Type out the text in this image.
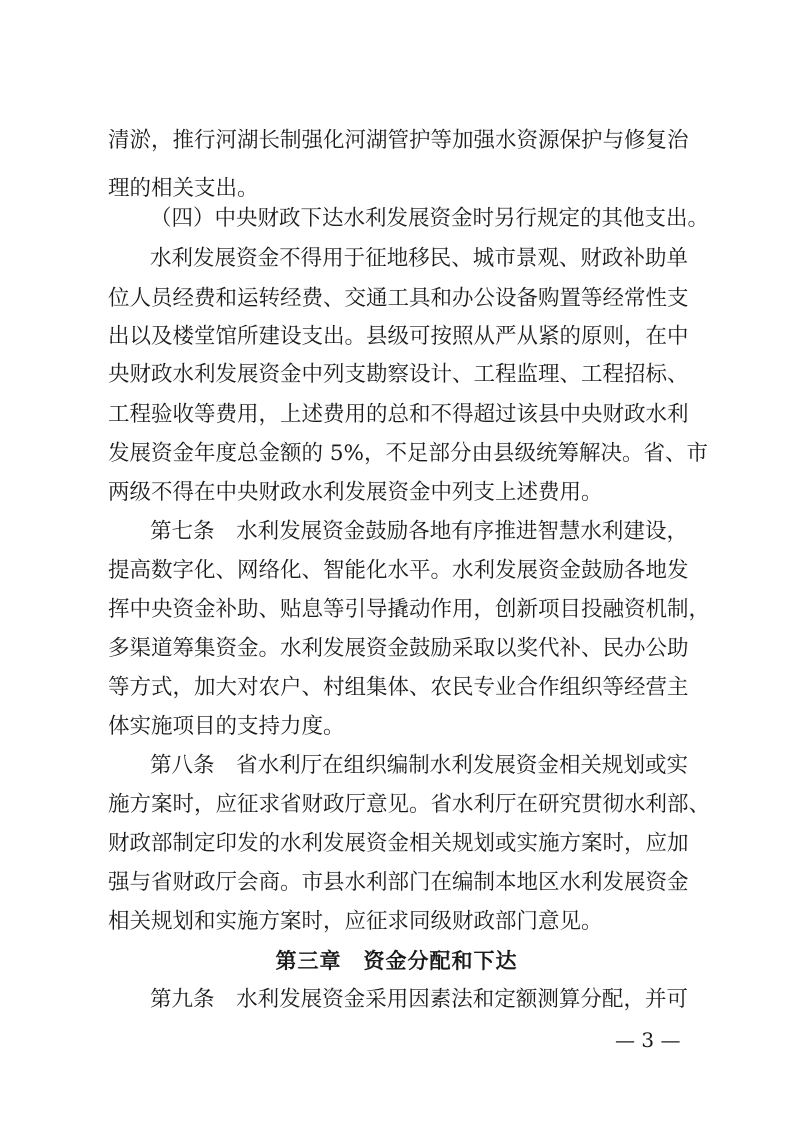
清淤，推行河湖长制强化河湖管护等加强水资源保护与修复治
理的相关支出。
（四）中央财政下达水利发展资金时另行规定的其他支出。
水利发展资金不得用于征地移民、城市景观、财政补助单
位人员经费和运转经费、交通工具和办公设备购置等经常性支
出以及楼堂馆所建设支出。县级可按照从严从紧的原则，在中
央财政水利发展资金中列支勘察设计、工程监理、工程招标、
工程验收等费用，上述费用的总和不得超过该县中央财政水利
发展资金年度总金额的 5%，不足部分由县级统筹解决。省、市
两级不得在中央财政水利发展资金中列支上述费用。
第七条　水利发展资金鼓励各地有序推进智慧水利建设，
提高数字化、网络化、智能化水平。水利发展资金鼓励各地发
挥中央资金补助、贴息等引导撬动作用，创新项目投融资机制，
多渠道筹集资金。水利发展资金鼓励采取以奖代补、民办公助
等方式，加大对农户、村组集体、农民专业合作组织等经营主
体实施项目的支持力度。
第八条　省水利厅在组织编制水利发展资金相关规划或实
施方案时，应征求省财政厅意见。省水利厅在研究贯彻水利部、
财政部制定印发的水利发展资金相关规划或实施方案时，应加
强与省财政厅会商。市县水利部门在编制本地区水利发展资金
相关规划和实施方案时，应征求同级财政部门意见。
第三章　资金分配和下达
第九条　水利发展资金采用因素法和定额测算分配，并可
— 3 —
